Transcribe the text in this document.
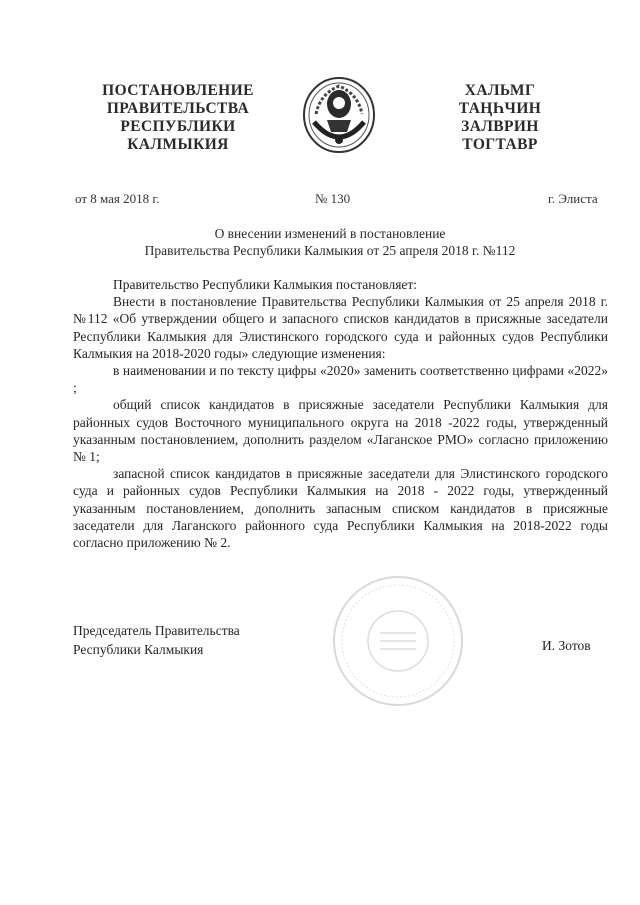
ПОСТАНОВЛЕНИЕ
ПРАВИТЕЛЬСТВА
РЕСПУБЛИКИ
КАЛМЫКИЯ
ХАЛЬМГ
ТАҢҺЧИН
ЗАЛВРИН
ТОГТАВР
от 8 мая 2018 г.	№ 130	г. Элиста
О внесении изменений в постановление
Правительства Республики Калмыкия от 25 апреля 2018 г. №112

Правительство Республики Калмыкия постановляет:

Внести в постановление Правительства Республики Калмыкия от 25 апреля 2018 г. №112 «Об утверждении общего и запасного списков кандидатов в присяжные заседатели Республики Калмыкия для Элистинского городского суда и районных судов Республики Калмыкия на 2018-2020 годы» следующие изменения:

в наименовании и по тексту цифры «2020» заменить соответственно цифрами «2022» ;

общий список кандидатов в присяжные заседатели Республики Калмыкия для районных судов Восточного муниципального округа на 2018 -2022 годы, утвержденный указанным постановлением, дополнить разделом «Лаганское РМО» согласно приложению № 1;

запасной список кандидатов в присяжные заседатели для Элистинского городского суда и районных судов Республики Калмыкия на 2018 - 2022 годы, утвержденный указанным постановлением, дополнить запасным списком кандидатов в присяжные заседатели для Лаганского районного суда Республики Калмыкия на 2018-2022 годы согласно приложению № 2.

Председатель Правительства
Республики Калмыкия	И. Зотов
